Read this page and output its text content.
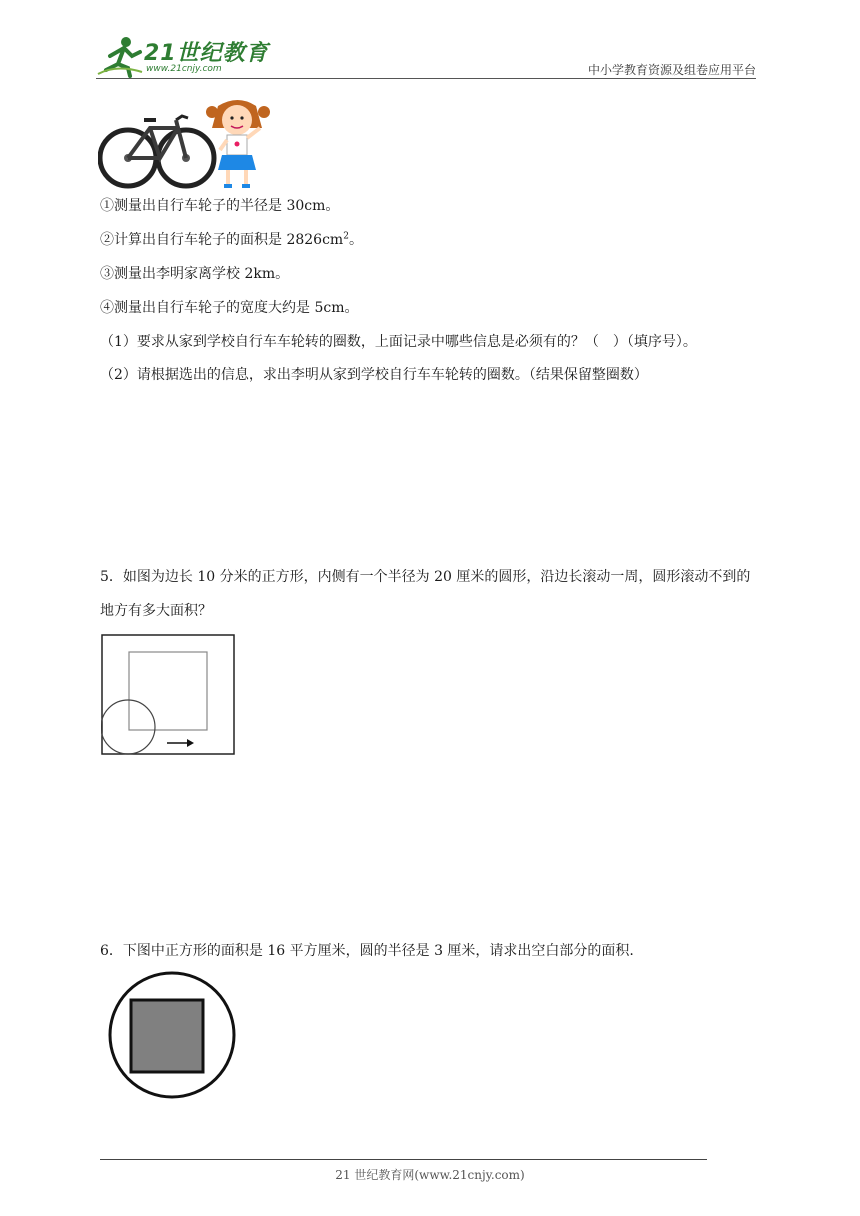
21世纪教育
www.21cnjy.com	中小学教育资源及组卷应用平台
①测量出自行车轮子的半径是 30cm。
②计算出自行车轮子的面积是 $2826cm^2$。
③测量出李明家离学校 2km。
④测量出自行车轮子的宽度大约是 5cm。
（1）要求从家到学校自行车车轮转的圈数，上面记录中哪些信息是必须有的？（　）（填序号）。
（2）请根据选出的信息，求出李明从家到学校自行车车轮转的圈数。（结果保留整圈数）
5．如图为边长 10 分米的正方形，内侧有一个半径为 20 厘米的圆形，沿边长滚动一周，圆形滚动不到的地方有多大面积？
6．下图中正方形的面积是 16 平方厘米，圆的半径是 3 厘米，请求出空白部分的面积.
21 世纪教育网(www.21cnjy.com)
